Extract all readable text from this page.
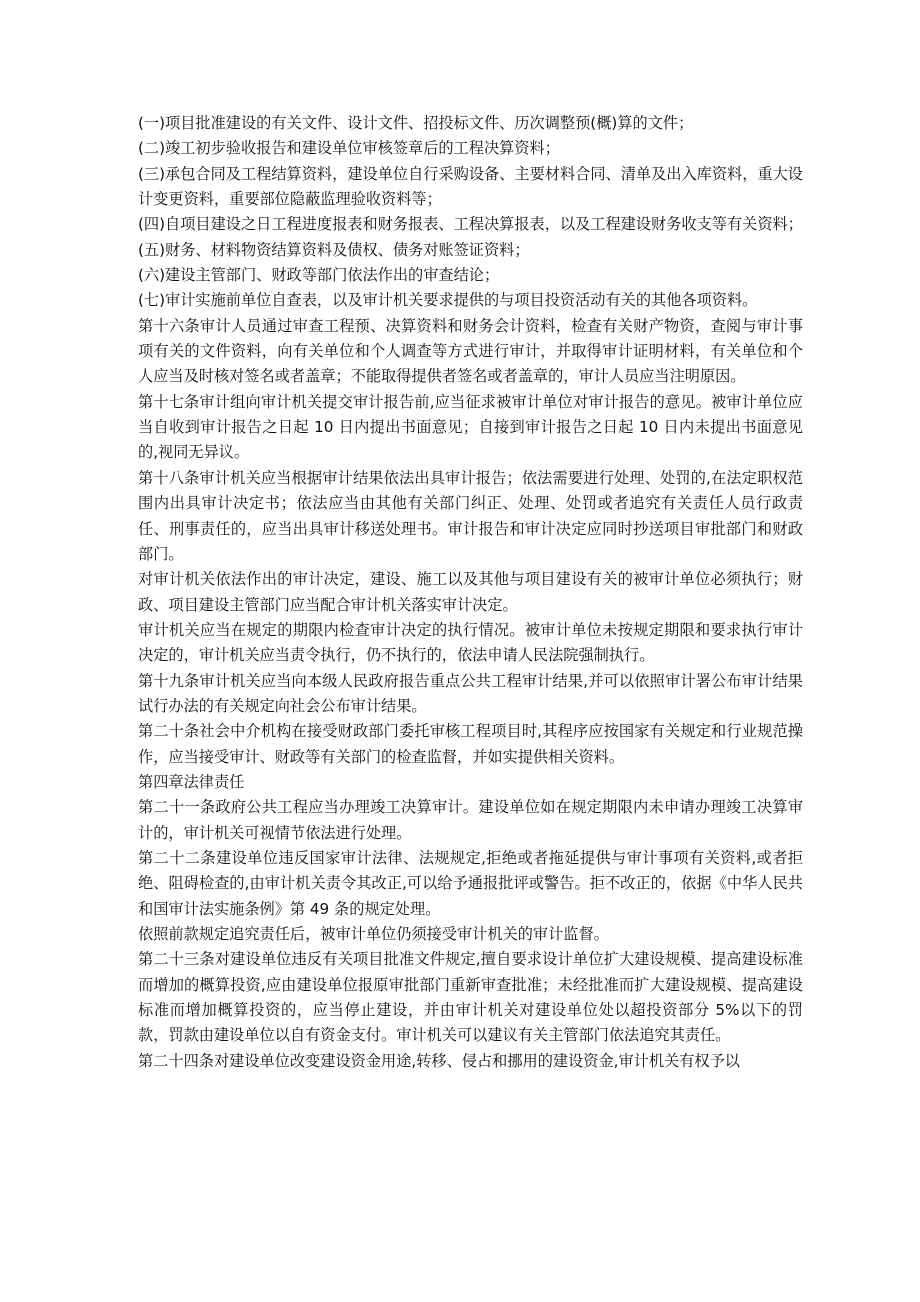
(一)项目批准建设的有关文件、设计文件、招投标文件、历次调整预(概)算的文件；

(二)竣工初步验收报告和建设单位审核签章后的工程决算资料；

(三)承包合同及工程结算资料，建设单位自行采购设备、主要材料合同、清单及出入库资料，重大设计变更资料，重要部位隐蔽监理验收资料等；

(四)自项目建设之日工程进度报表和财务报表、工程决算报表，以及工程建设财务收支等有关资料；

(五)财务、材料物资结算资料及债权、债务对账签证资料；

(六)建设主管部门、财政等部门依法作出的审查结论；

(七)审计实施前单位自查表，以及审计机关要求提供的与项目投资活动有关的其他各项资料。

第十六条审计人员通过审查工程预、决算资料和财务会计资料，检查有关财产物资，查阅与审计事项有关的文件资料，向有关单位和个人调查等方式进行审计，并取得审计证明材料，有关单位和个人应当及时核对签名或者盖章；不能取得提供者签名或者盖章的，审计人员应当注明原因。

第十七条审计组向审计机关提交审计报告前,应当征求被审计单位对审计报告的意见。被审计单位应当自收到审计报告之日起 10 日内提出书面意见；自接到审计报告之日起 10 日内未提出书面意见的,视同无异议。

第十八条审计机关应当根据审计结果依法出具审计报告；依法需要进行处理、处罚的,在法定职权范围内出具审计决定书；依法应当由其他有关部门纠正、处理、处罚或者追究有关责任人员行政责任、刑事责任的，应当出具审计移送处理书。审计报告和审计决定应同时抄送项目审批部门和财政部门。

对审计机关依法作出的审计决定，建设、施工以及其他与项目建设有关的被审计单位必须执行；财政、项目建设主管部门应当配合审计机关落实审计决定。

审计机关应当在规定的期限内检查审计决定的执行情况。被审计单位未按规定期限和要求执行审计决定的，审计机关应当责令执行，仍不执行的，依法申请人民法院强制执行。

第十九条审计机关应当向本级人民政府报告重点公共工程审计结果,并可以依照审计署公布审计结果试行办法的有关规定向社会公布审计结果。

第二十条社会中介机构在接受财政部门委托审核工程项目时,其程序应按国家有关规定和行业规范操作，应当接受审计、财政等有关部门的检查监督，并如实提供相关资料。

第四章法律责任

第二十一条政府公共工程应当办理竣工决算审计。建设单位如在规定期限内未申请办理竣工决算审计的，审计机关可视情节依法进行处理。

第二十二条建设单位违反国家审计法律、法规规定,拒绝或者拖延提供与审计事项有关资料,或者拒绝、阻碍检查的,由审计机关责令其改正,可以给予通报批评或警告。拒不改正的，依据《中华人民共和国审计法实施条例》第 49 条的规定处理。

依照前款规定追究责任后，被审计单位仍须接受审计机关的审计监督。

第二十三条对建设单位违反有关项目批准文件规定,擅自要求设计单位扩大建设规模、提高建设标准而增加的概算投资,应由建设单位报原审批部门重新审查批准；未经批准而扩大建设规模、提高建设标准而增加概算投资的，应当停止建设，并由审计机关对建设单位处以超投资部分 5%以下的罚款，罚款由建设单位以自有资金支付。审计机关可以建议有关主管部门依法追究其责任。

第二十四条对建设单位改变建设资金用途,转移、侵占和挪用的建设资金,审计机关有权予以
